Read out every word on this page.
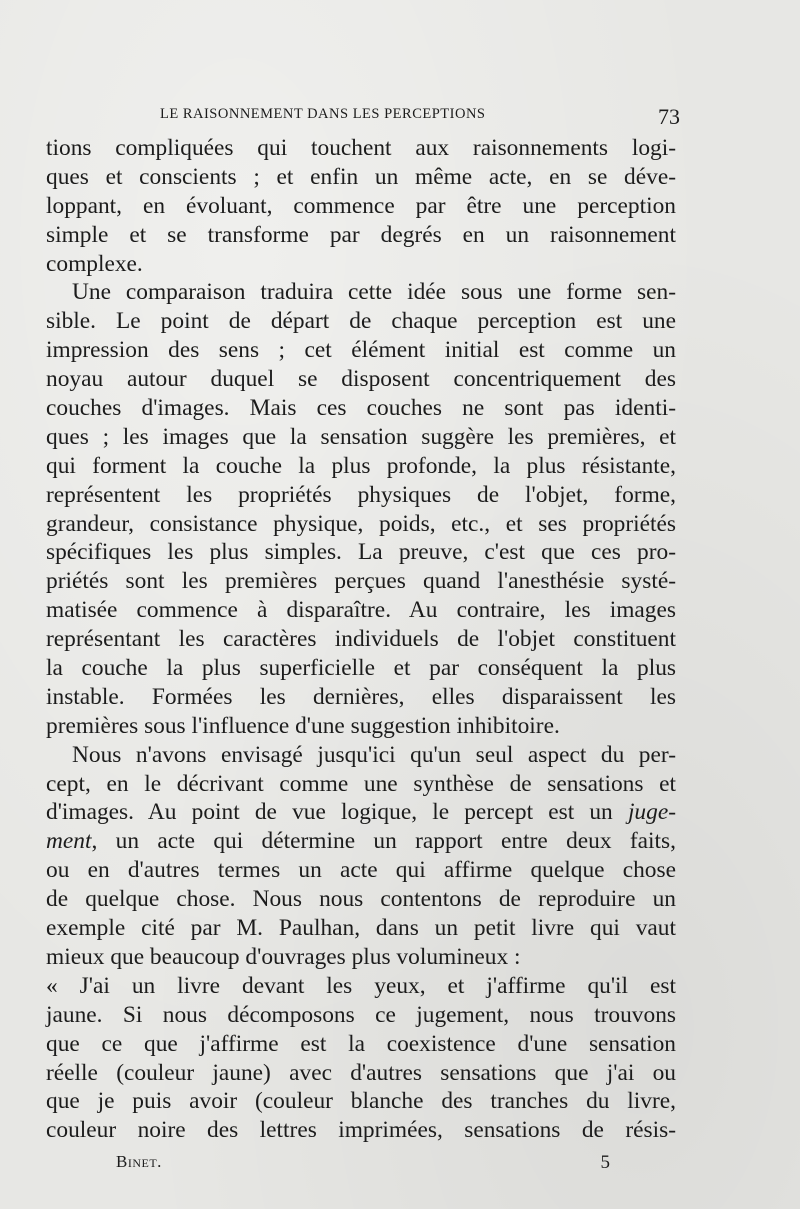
LE RAISONNEMENT DANS LES PERCEPTIONS	73
tions compliquées qui touchent aux raisonnements logi-
ques et conscients ; et enfin un même acte, en se déve-
loppant, en évoluant, commence par être une perception
simple et se transforme par degrés en un raisonnement
complexe.
Une comparaison traduira cette idée sous une forme sen-
sible. Le point de départ de chaque perception est une
impression des sens ; cet élément initial est comme un
noyau autour duquel se disposent concentriquement des
couches d'images. Mais ces couches ne sont pas identi-
ques ; les images que la sensation suggère les premières, et
qui forment la couche la plus profonde, la plus résistante,
représentent les propriétés physiques de l'objet, forme,
grandeur, consistance physique, poids, etc., et ses propriétés
spécifiques les plus simples. La preuve, c'est que ces pro-
priétés sont les premières perçues quand l'anesthésie systé-
matisée commence à disparaître. Au contraire, les images
représentant les caractères individuels de l'objet constituent
la couche la plus superficielle et par conséquent la plus
instable. Formées les dernières, elles disparaissent les
premières sous l'influence d'une suggestion inhibitoire.
Nous n'avons envisagé jusqu'ici qu'un seul aspect du per-
cept, en le décrivant comme une synthèse de sensations et
d'images. Au point de vue logique, le percept est un juge-
ment, un acte qui détermine un rapport entre deux faits,
ou en d'autres termes un acte qui affirme quelque chose
de quelque chose. Nous nous contentons de reproduire un
exemple cité par M. Paulhan, dans un petit livre qui vaut
mieux que beaucoup d'ouvrages plus volumineux :
« J'ai un livre devant les yeux, et j'affirme qu'il est
jaune. Si nous décomposons ce jugement, nous trouvons
que ce que j'affirme est la coexistence d'une sensation
réelle (couleur jaune) avec d'autres sensations que j'ai ou
que je puis avoir (couleur blanche des tranches du livre,
couleur noire des lettres imprimées, sensations de résis-
Binet.	5
